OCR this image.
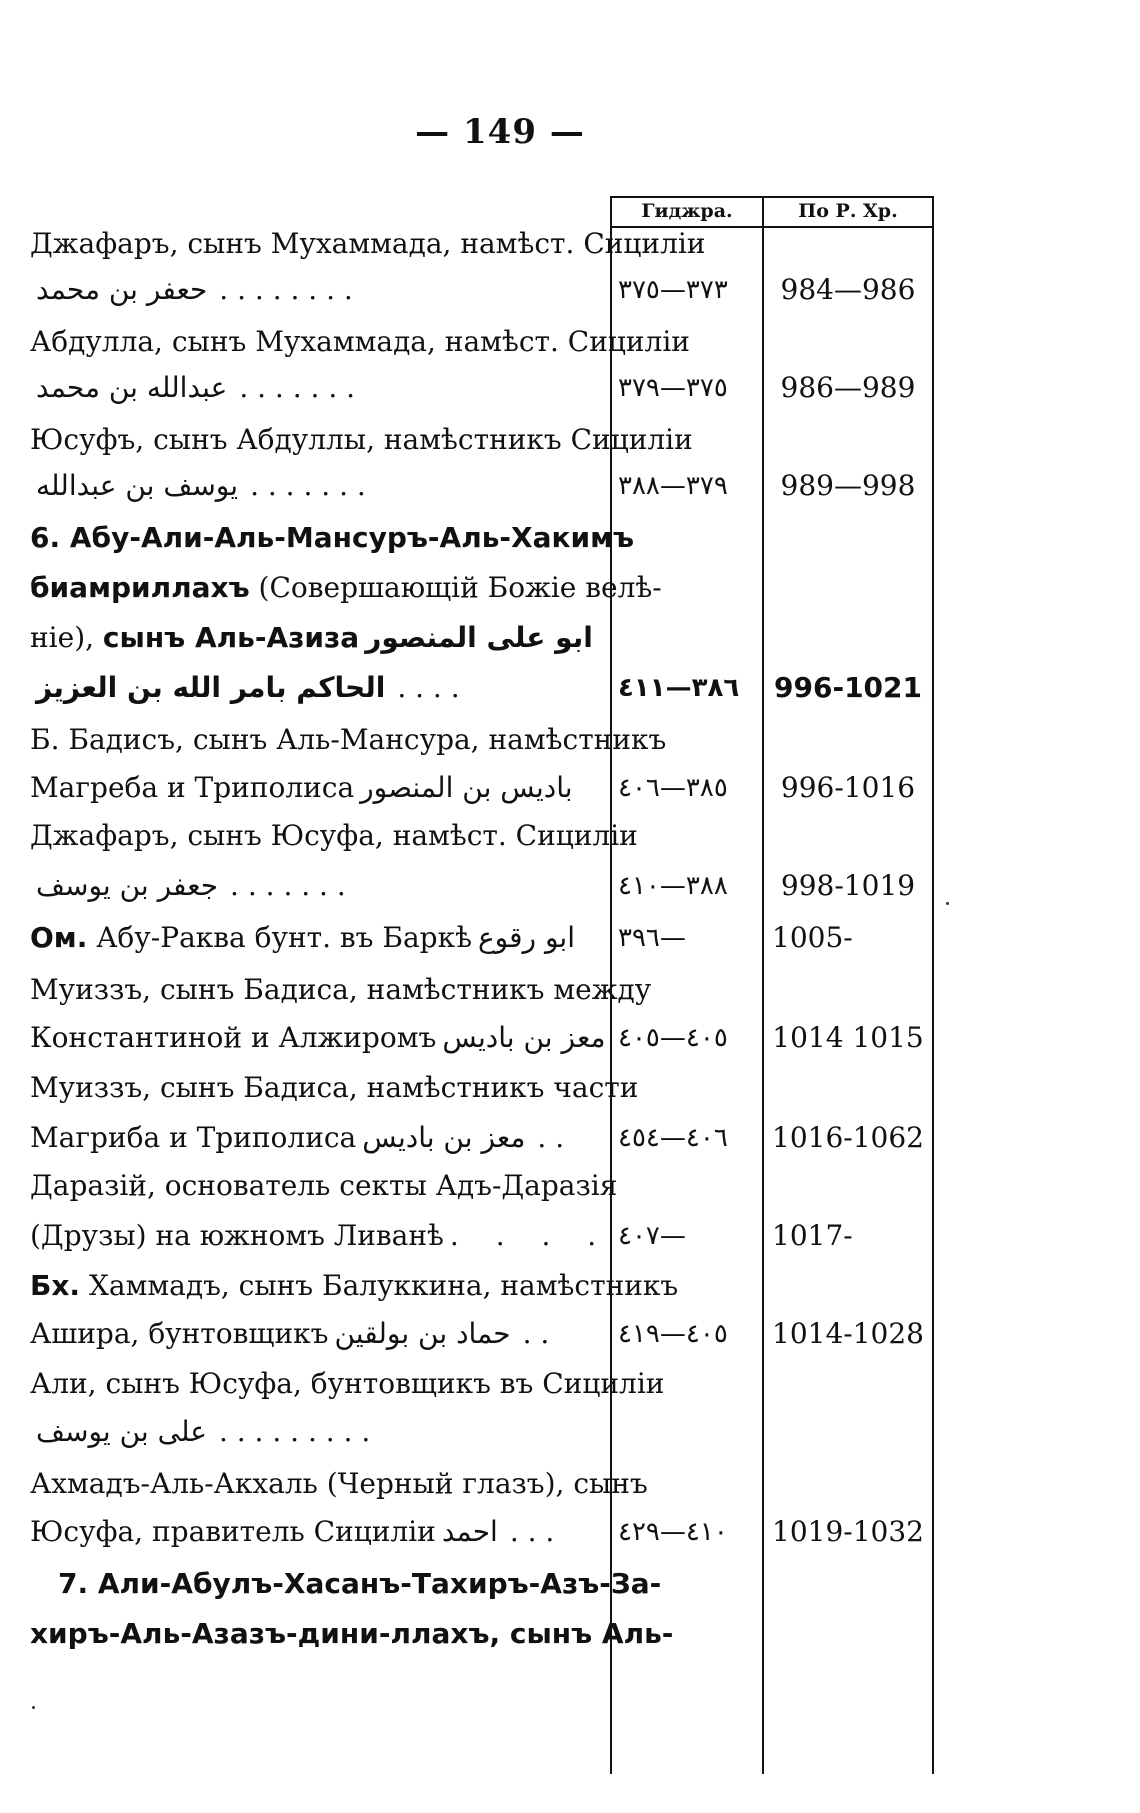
— 149 —
Гиджра.	По Р. Хр.
Джафаръ, сынъ Мухаммада, намѣст. Сициліи
حعفر بن محمد . . . . . . . .	٣٧٣—٣٧٥	984—986
Абдулла, сынъ Мухаммада, намѣст. Сициліи
عبدالله بن محمد . . . . . . .	٣٧٥—٣٧٩	986—989
Юсуфъ, сынъ Абдуллы, намѣстникъ Сициліи
يوسف بن عبدالله . . . . . . .	٣٧٩—٣٨٨	989—998
6. Абу-Али-Аль-Мансуръ-Аль-Хакимъ
биамриллахъ (Совершающій Божіе велѣ-
ніе), сынъ Аль-Азиза ابو على المنصور
الحاكم بامر الله بن العزيز . . . .	٣٨٦—٤١١	996-1021
Б. Бадисъ, сынъ Аль-Мансура, намѣстникъ
Магреба и Триполиса باديس بن المنصور	٣٨٥—٤٠٦	996-1016
Джафаръ, сынъ Юсуфа, намѣст. Сициліи
جعفر بن يوسف . . . . . . .	٣٨٨—٤١٠	998-1019
Ом. Абу-Раква бунт. въ Баркѣ ابو رقوع	٣٩٦—	1005-
Муиззъ, сынъ Бадиса, намѣстникъ между
Константиной и Алжиромъ معز بن باديس ٤٠٥—٤٠٥	1014 1015
Муиззъ, сынъ Бадиса, намѣстникъ части
Магриба и Триполиса معز بن باديس . .	٤٠٦—٤٥٤	1016-1062
Даразій, основатель секты Адъ-Даразія
(Друзы) на южномъ Ливанѣ . . . . ٤٠٧—	1017-
Бх. Хаммадъ, сынъ Балуккина, намѣстникъ
Ашира, бунтовщикъ حماد بن بولقين . .	٤٠٥—٤١٩	1014-1028
Али, сынъ Юсуфа, бунтовщикъ въ Сициліи
على بن يوسف . . . . . . . . .
Ахмадъ-Аль-Акхаль (Черный глазъ), сынъ
Юсуфа, правитель Сициліи احمد . . .	٤١٠—٤٢٩	1019-1032
7. Али-Абулъ-Хасанъ-Тахиръ-Азъ-За-
хиръ-Аль-Азазъ-дини-ллахъ, сынъ Аль-
